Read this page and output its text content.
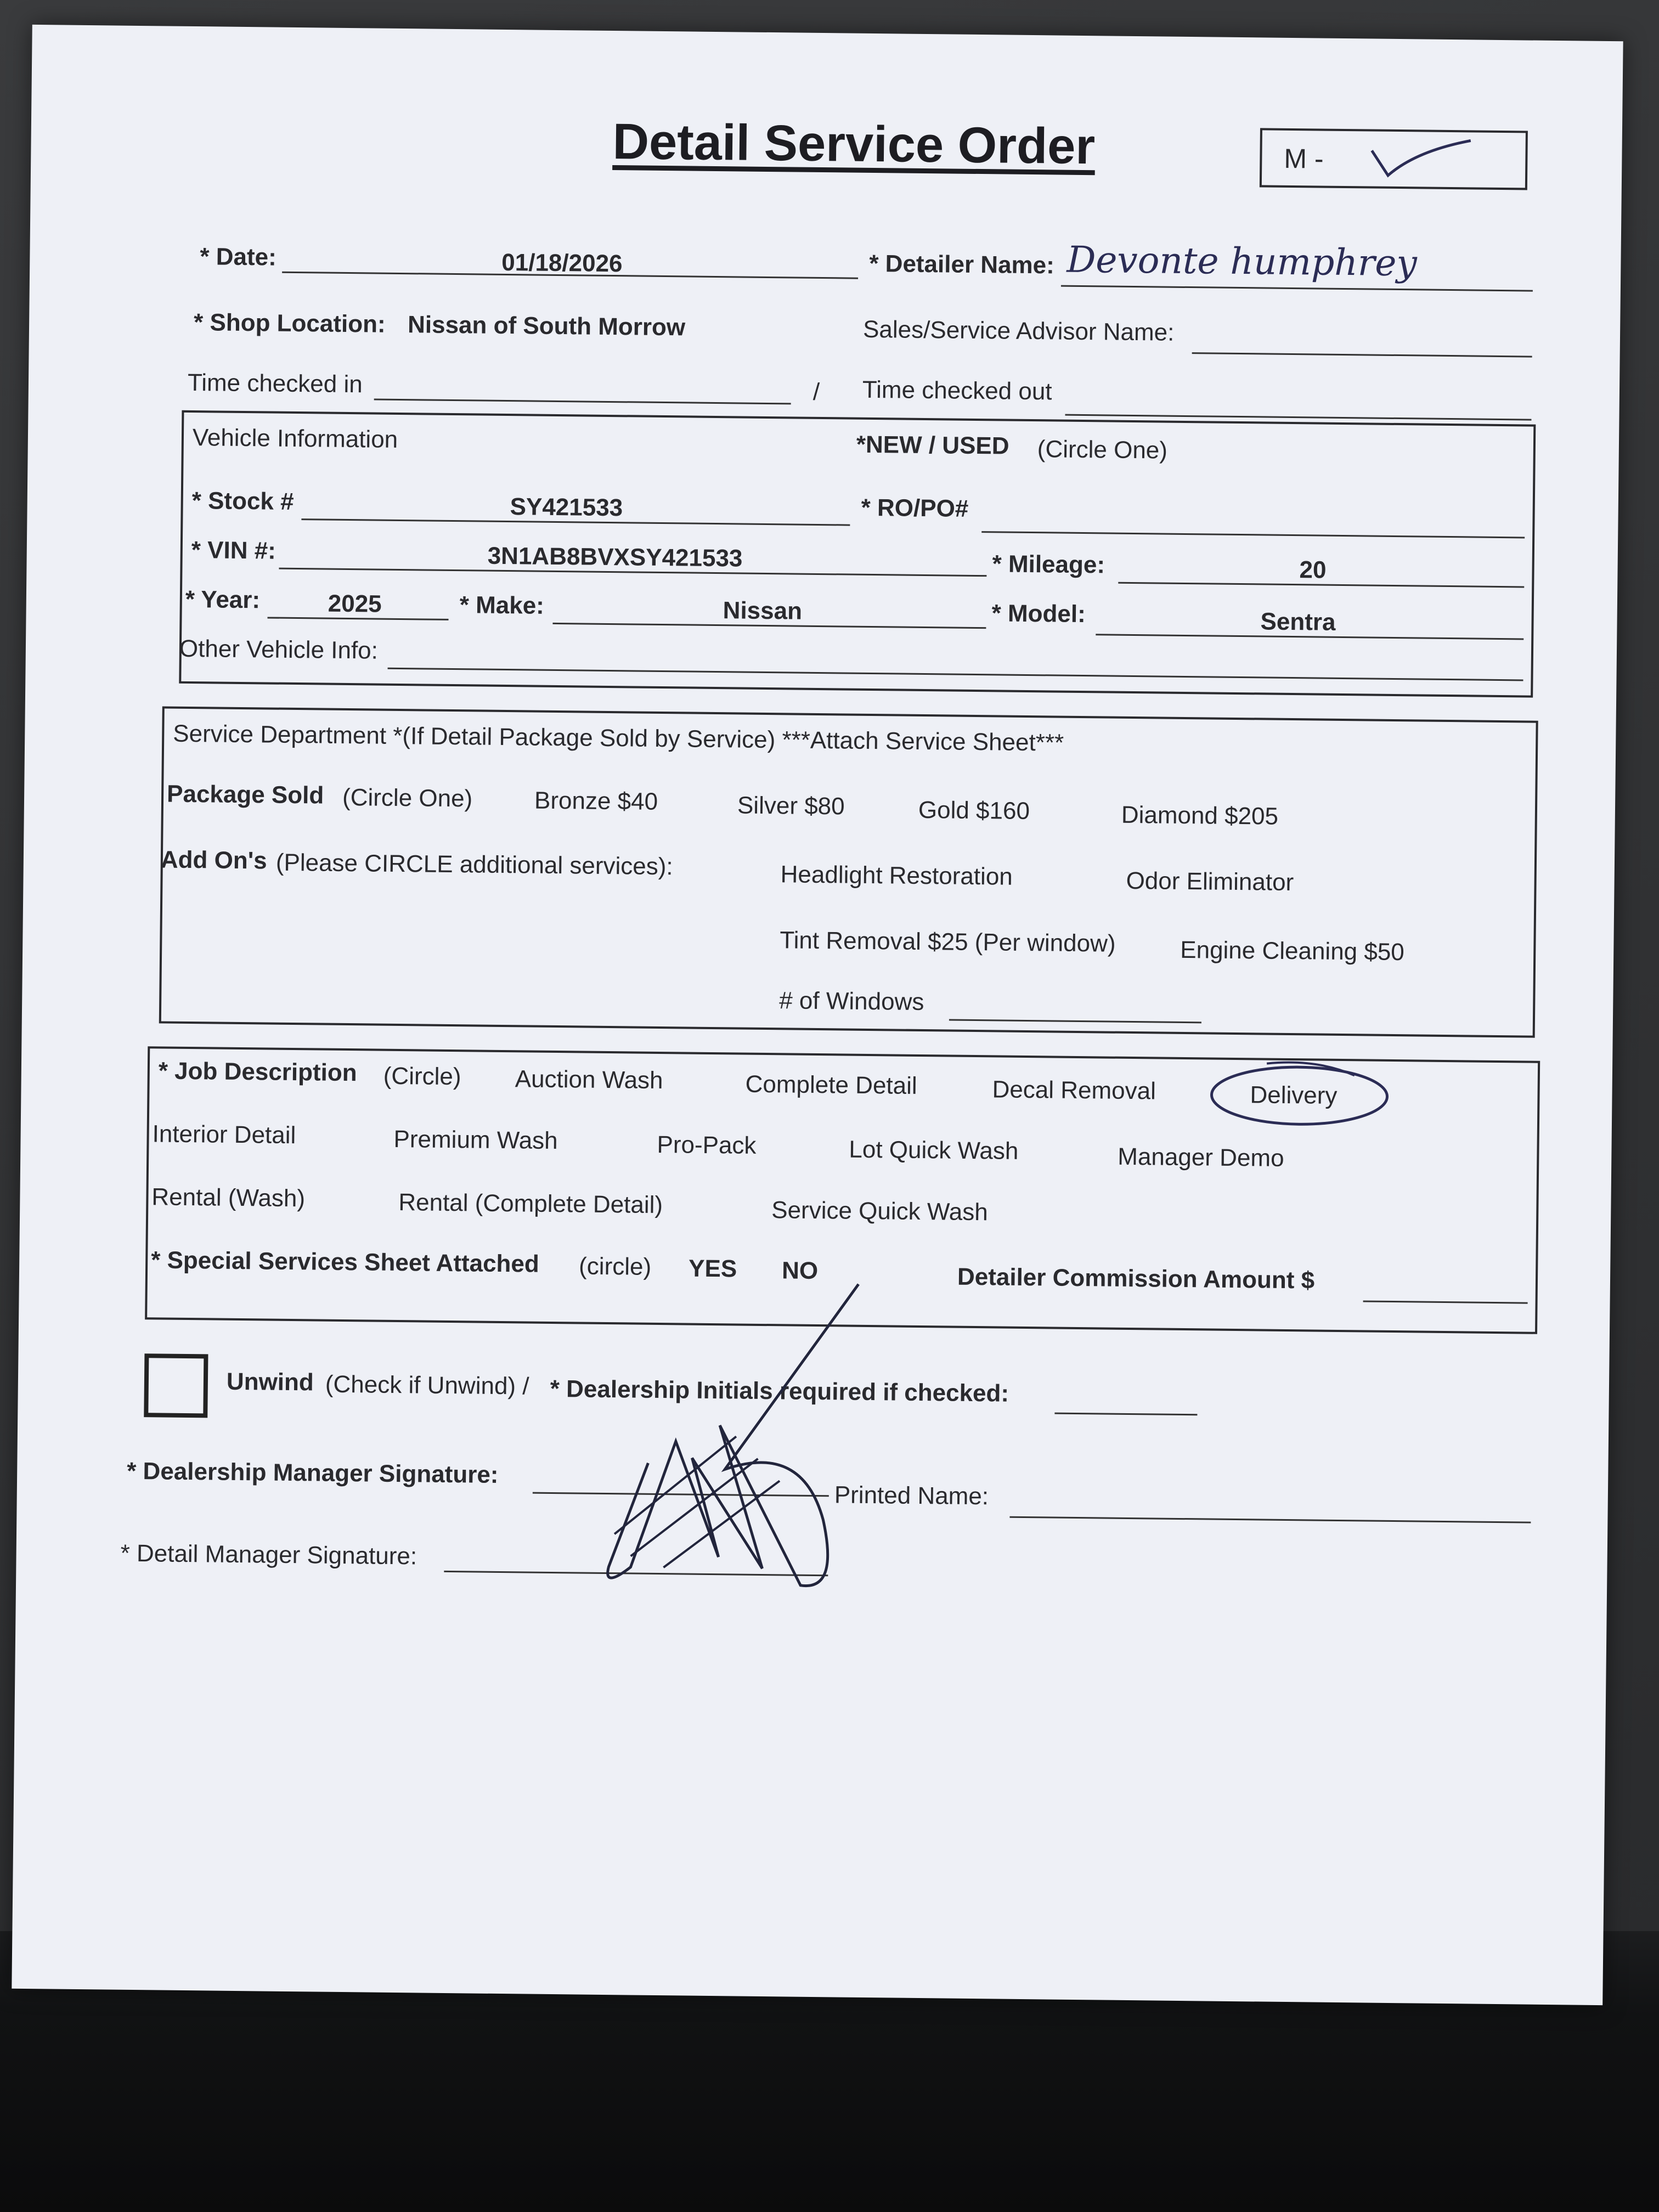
Detail Service Order	M -
* Date:	01/18/2026	* Detailer Name: Devonte humphrey
* Shop Location: Nissan of South Morrow	Sales/Service Advisor Name:
Time checked in	/ Time checked out
Vehicle Information	*NEW / USED (Circle One)
* Stock #	SY421533	* RO/PO#
* VIN #:	3N1AB8BVXSY421533	* Mileage:	20
* Year:	2025	* Make:	Nissan	* Model:	Sentra
Other Vehicle Info:
Service Department *(If Detail Package Sold by Service) ***Attach Service Sheet***
Package Sold (Circle One)	Bronze $40	Silver $80	Gold $160	Diamond $205
Add On's (Please CIRCLE additional services):	Headlight Restoration	Odor Eliminator
Tint Removal $25 (Per window)	Engine Cleaning $50
# of Windows
* Job Description (Circle) Auction Wash	Complete Detail	Decal Removal	Delivery
Interior Detail	Premium Wash	Pro-Pack	Lot Quick Wash	Manager Demo
Rental (Wash)	Rental (Complete Detail)	Service Quick Wash
* Special Services Sheet Attached (circle) YES NO	Detailer Commission Amount $
Unwind (Check if Unwind) / * Dealership Initials required if checked:
* Dealership Manager Signature:
Printed Name:
* Detail Manager Signature:
